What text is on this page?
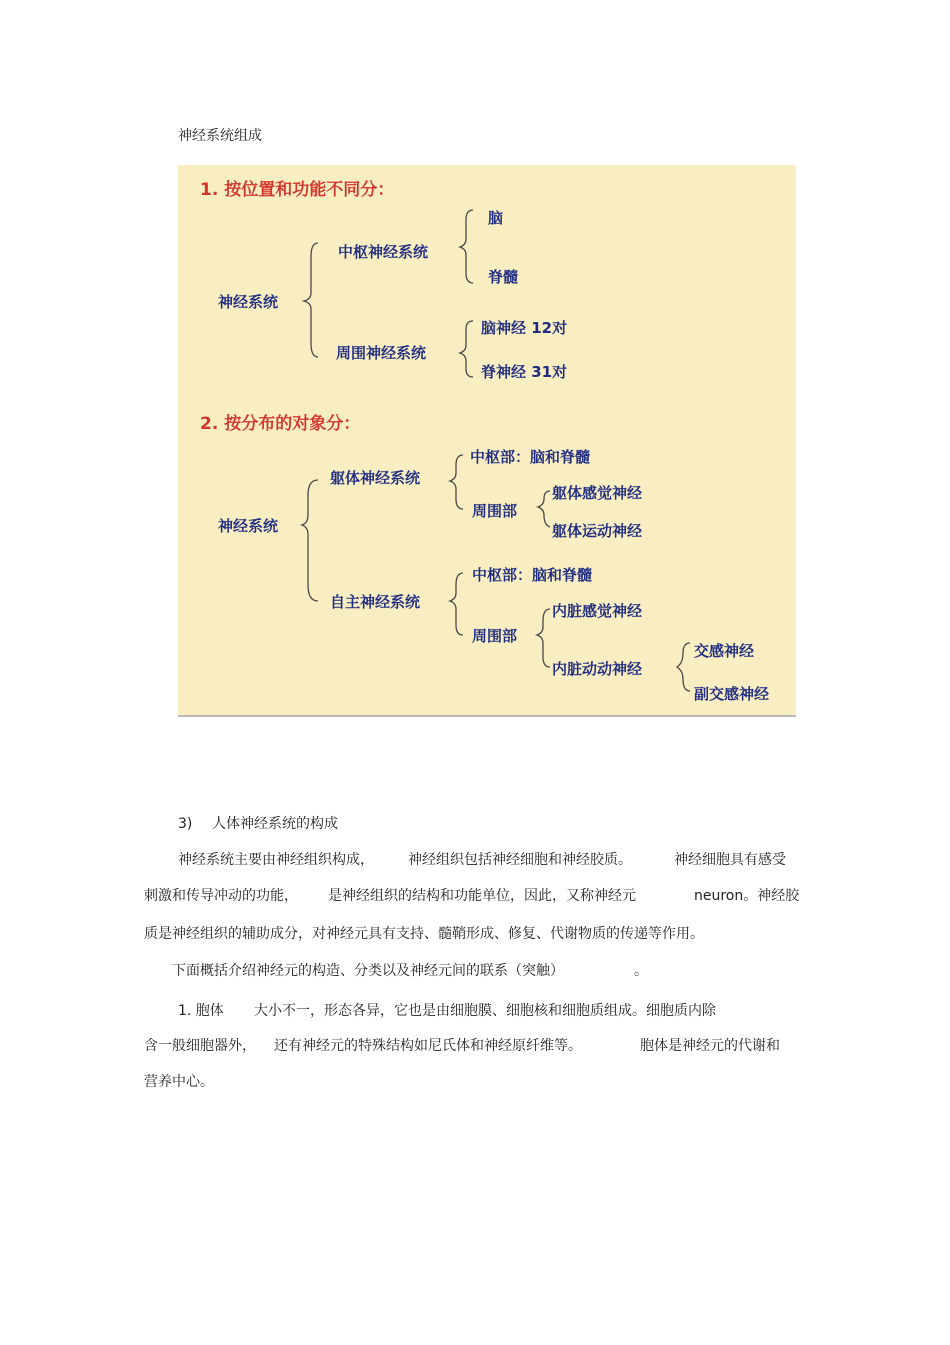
神经系统组成
1. 按位置和功能不同分：
神经系统
中枢神经系统
脑
脊髓
周围神经系统
脑神经 12对
脊神经 31对
2. 按分布的对象分：
神经系统
躯体神经系统
中枢部：脑和脊髓
周围部
躯体感觉神经
躯体运动神经
自主神经系统
中枢部：脑和脊髓
周围部
内脏感觉神经
内脏动动神经
交感神经
副交感神经
3) 人体神经系统的构成
神经系统主要由神经组织构成， 神经组织包括神经细胞和神经胶质。	神经细胞具有感受
刺激和传导冲动的功能， 是神经组织的结构和功能单位，因此，又称神经元	neuron。神经胶
质是神经组织的辅助成分，对神经元具有支持、髓鞘形成、修复、代谢物质的传递等作用。
下面概括介绍神经元的构造、分类以及神经元间的联系（突触）	。
1. 胞体 大小不一，形态各异，它也是由细胞膜、细胞核和细胞质组成。细胞质内除
含一般细胞器外， 还有神经元的特殊结构如尼氏体和神经原纤维等。	胞体是神经元的代谢和
营养中心。
